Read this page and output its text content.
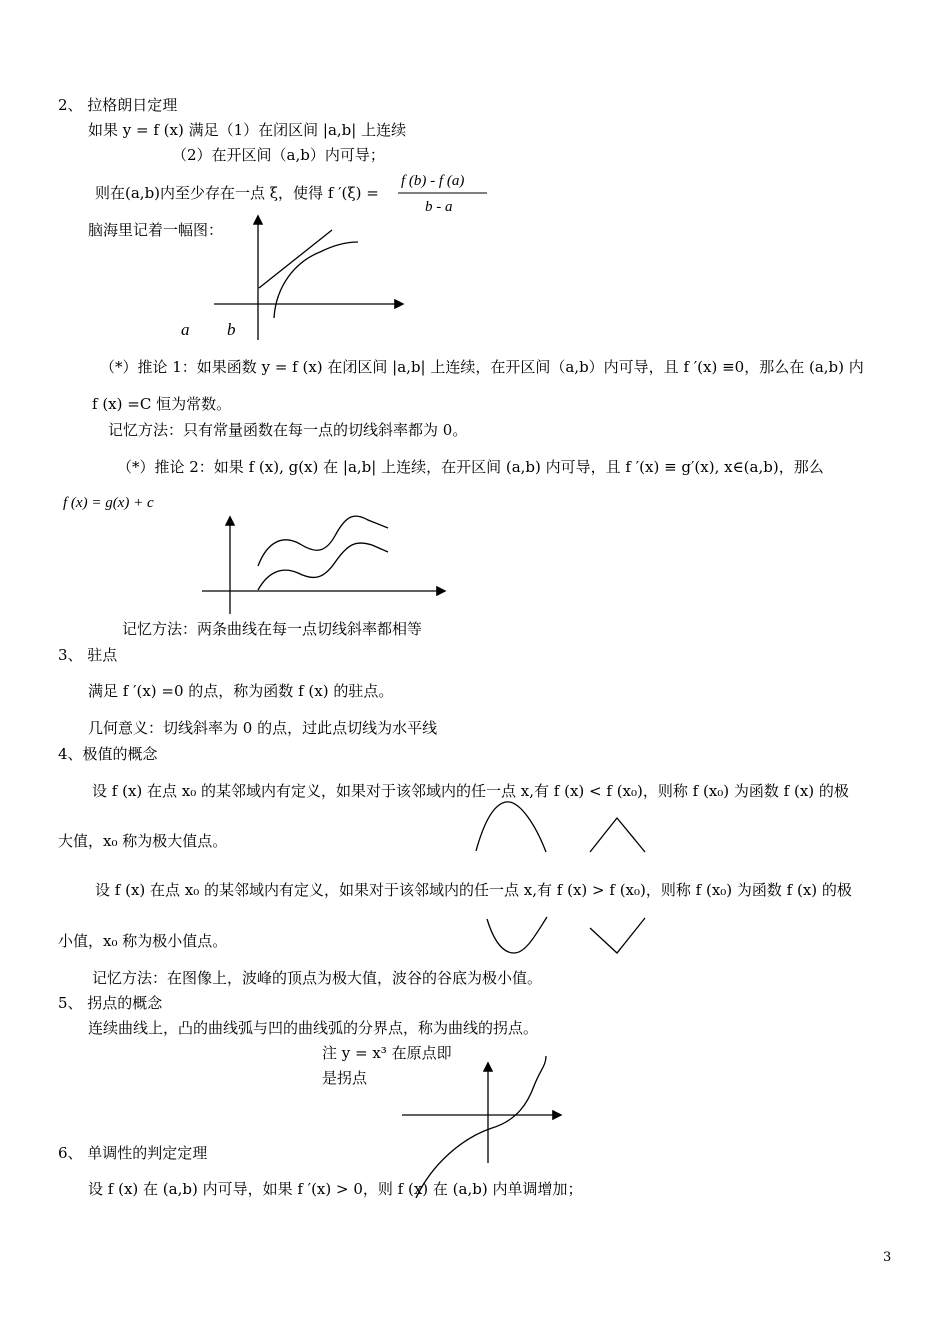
2、 拉格朗日定理
如果 y = f (x) 满足（1）在闭区间 |a,b| 上连续
（2）在开区间（a,b）内可导；
则在(a,b)内至少存在一点 ξ，使得 f ′(ξ) =
f (b) - f (a)
b - a
脑海里记着一幅图：
a b
（*）推论 1：如果函数 y = f (x) 在闭区间 |a,b| 上连续，在开区间（a,b）内可导，且 f ′(x) ≡0，那么在 (a,b) 内
f (x) =C 恒为常数。
记忆方法：只有常量函数在每一点的切线斜率都为 0。
（*）推论 2：如果 f (x), g(x) 在 |a,b| 上连续，在开区间 (a,b) 内可导，且 f ′(x) ≡ g′(x), x∈(a,b)，那么
f (x) = g(x) + c
记忆方法：两条曲线在每一点切线斜率都相等
3、 驻点
满足 f ′(x) =0 的点，称为函数 f (x) 的驻点。
几何意义：切线斜率为 0 的点，过此点切线为水平线
4、极值的概念
设 f (x) 在点 x₀ 的某邻域内有定义，如果对于该邻域内的任一点 x,有 f (x) < f (x₀)，则称 f (x₀) 为函数 f (x) 的极
大值，x₀ 称为极大值点。
设 f (x) 在点 x₀ 的某邻域内有定义，如果对于该邻域内的任一点 x,有 f (x) > f (x₀)，则称 f (x₀) 为函数 f (x) 的极
小值，x₀ 称为极小值点。
记忆方法：在图像上，波峰的顶点为极大值，波谷的谷底为极小值。
5、 拐点的概念
连续曲线上，凸的曲线弧与凹的曲线弧的分界点，称为曲线的拐点。
注 y = x³ 在原点即
是拐点
6、 单调性的判定定理
设 f (x) 在 (a,b) 内可导，如果 f ′(x) > 0，则 f (x) 在 (a,b) 内单调增加；
3
